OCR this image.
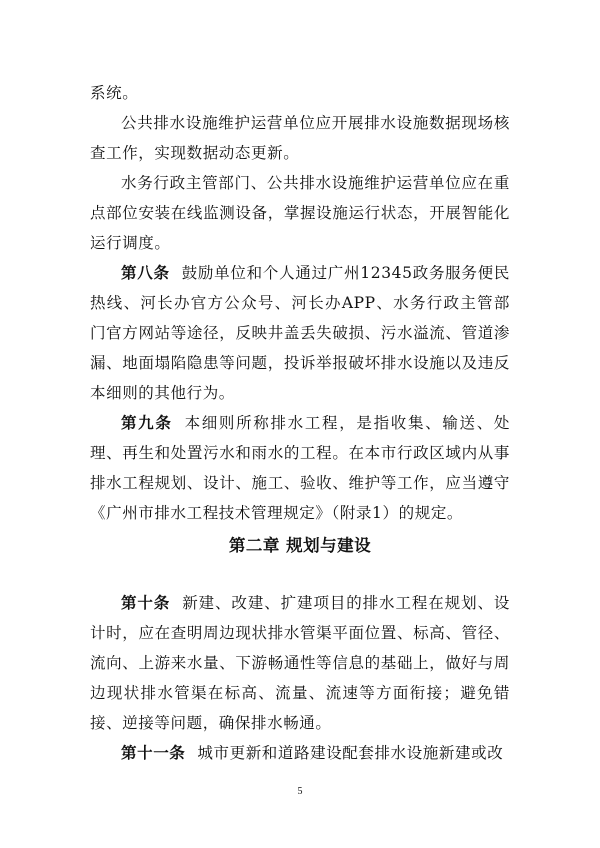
系统。

公共排水设施维护运营单位应开展排水设施数据现场核查工作，实现数据动态更新。

水务行政主管部门、公共排水设施维护运营单位应在重点部位安装在线监测设备，掌握设施运行状态，开展智能化运行调度。

第八条 鼓励单位和个人通过广州12345政务服务便民热线、河长办官方公众号、河长办APP、水务行政主管部门官方网站等途径，反映井盖丢失破损、污水溢流、管道渗漏、地面塌陷隐患等问题，投诉举报破坏排水设施以及违反本细则的其他行为。

第九条 本细则所称排水工程，是指收集、输送、处理、再生和处置污水和雨水的工程。在本市行政区域内从事排水工程规划、设计、施工、验收、维护等工作，应当遵守《广州市排水工程技术管理规定》（附录1）的规定。

第二章 规划与建设

第十条 新建、改建、扩建项目的排水工程在规划、设计时，应在查明周边现状排水管渠平面位置、标高、管径、流向、上游来水量、下游畅通性等信息的基础上，做好与周边现状排水管渠在标高、流量、流速等方面衔接；避免错接、逆接等问题，确保排水畅通。

第十一条 城市更新和道路建设配套排水设施新建或改

5
